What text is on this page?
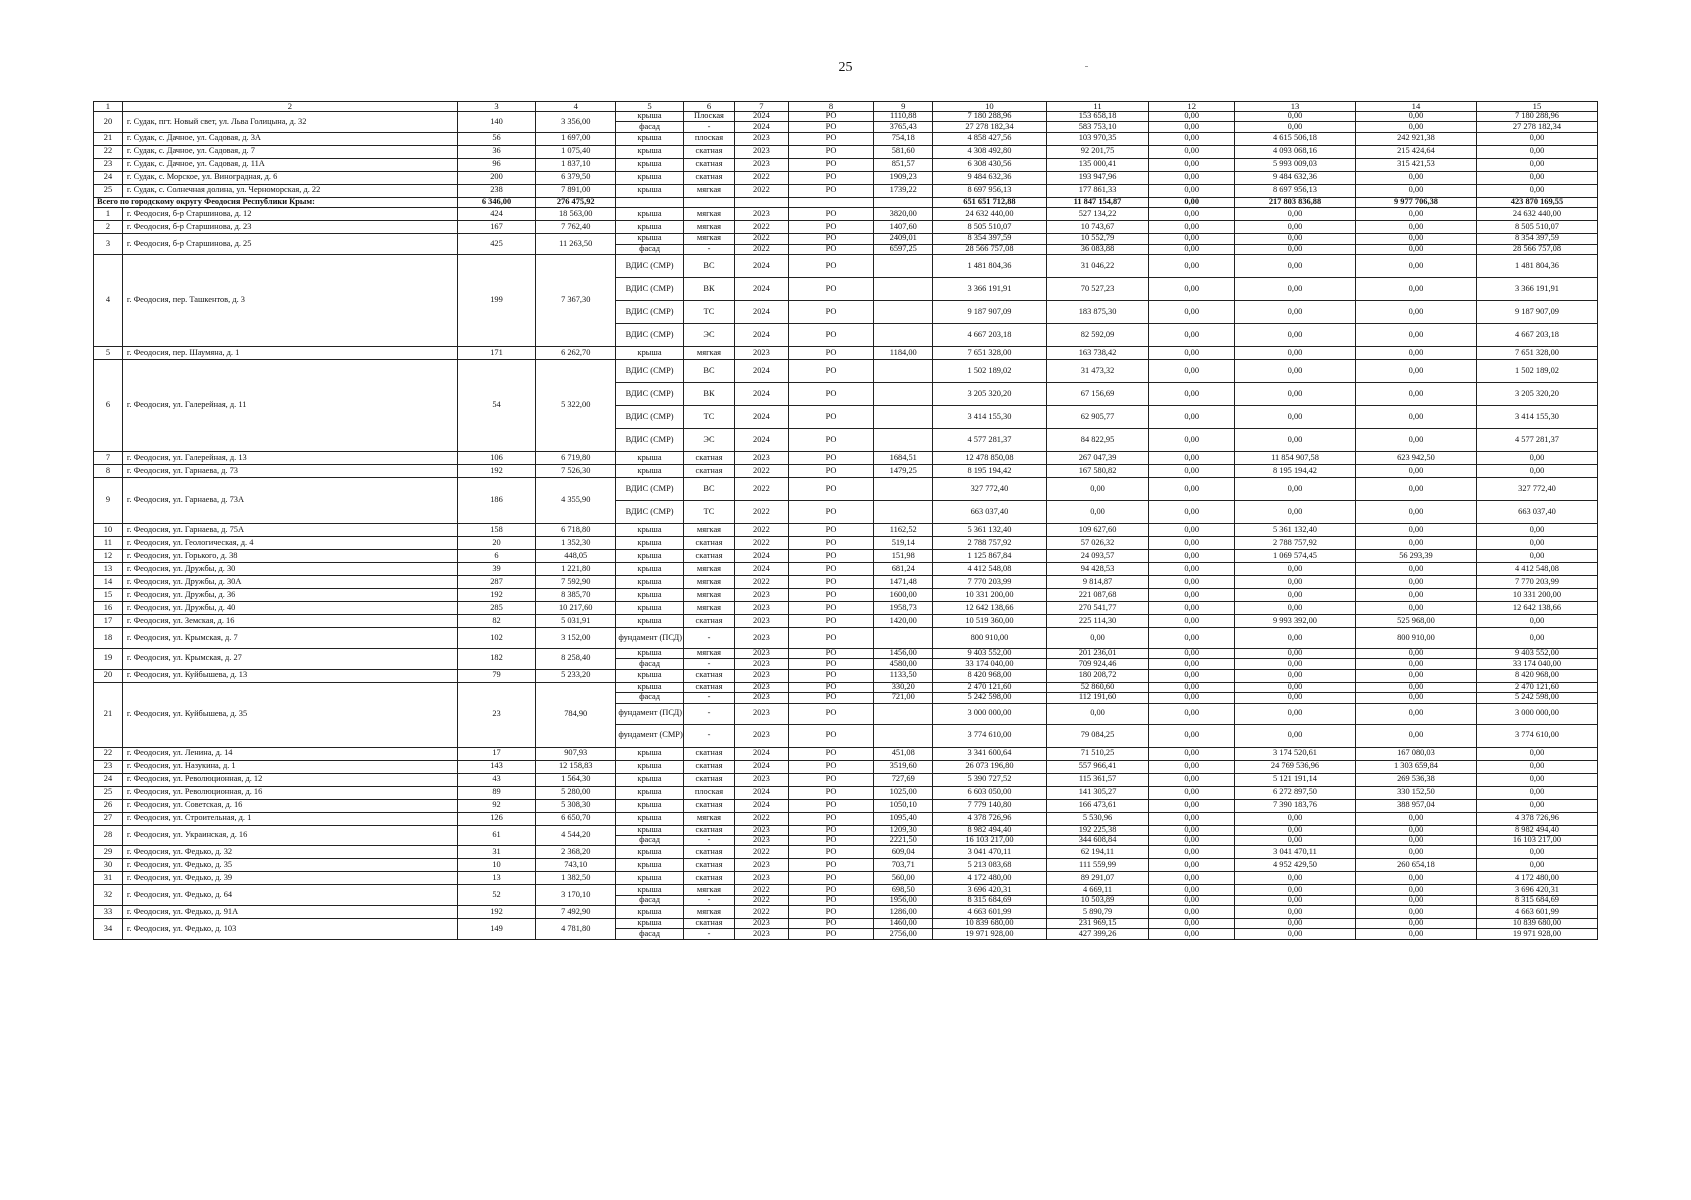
25
1	2	3	4	5	6	7	8	9	10	11	12	13	14	15
20	г. Судак, пгт. Новый свет, ул. Льва Голицына, д. 32	140	3 356,00	крыша	Плоская	2024	РО	1110,88	7 180 288,96	153 658,18	0,00	0,00	0,00	7 180 288,96
				фасад	-	2024	РО	3765,43	27 278 182,34	583 753,10	0,00	0,00	0,00	27 278 182,34
21	г. Судак, с. Дачное, ул. Садовая, д. 3А	56	1 697,00	крыша	плоская	2023	РО	754,18	4 858 427,56	103 970,35	0,00	4 615 506,18	242 921,38	0,00
22	г. Судак, с. Дачное, ул. Садовая, д. 7	36	1 075,40	крыша	скатная	2023	РО	581,60	4 308 492,80	92 201,75	0,00	4 093 068,16	215 424,64	0,00
23	г. Судак, с. Дачное, ул. Садовая, д. 11А	96	1 837,10	крыша	скатная	2023	РО	851,57	6 308 430,56	135 000,41	0,00	5 993 009,03	315 421,53	0,00
24	г. Судак, с. Морское, ул. Виноградная, д. 6	200	6 379,50	крыша	скатная	2022	РО	1909,23	9 484 632,36	193 947,96	0,00	9 484 632,36	0,00	0,00
25	г. Судак, с. Солнечная долина, ул. Черноморская, д. 22	238	7 891,00	крыша	мягкая	2022	РО	1739,22	8 697 956,13	177 861,33	0,00	8 697 956,13	0,00	0,00
Всего по городскому округу Феодосия Республики Крым:		6 346,00	276 475,92						651 651 712,88	11 847 154,87	0,00	217 803 836,88	9 977 706,38	423 870 169,55
1	г. Феодосия, б-р Старшинова, д. 12	424	18 563,00	крыша	мягкая	2023	РО	3820,00	24 632 440,00	527 134,22	0,00	0,00	0,00	24 632 440,00
2	г. Феодосия, б-р Старшинова, д. 23	167	7 762,40	крыша	мягкая	2022	РО	1407,60	8 505 510,07	10 743,67	0,00	0,00	0,00	8 505 510,07
3	г. Феодосия, б-р Старшинова, д. 25	425	11 263,50	крыша	мягкая	2022	РО	2409,01	8 354 397,59	10 552,79	0,00	0,00	0,00	8 354 397,59
				фасад	-	2022	РО	6597,25	28 566 757,08	36 083,88	0,00	0,00	0,00	28 566 757,08
4	г. Феодосия, пер. Ташкентов, д. 3	199	7 367,30	ВДИС (СМР)	ВС	2024	РО		1 481 804,36	31 046,22	0,00	0,00	0,00	1 481 804,36
				ВДИС (СМР)	ВК	2024	РО		3 366 191,91	70 527,23	0,00	0,00	0,00	3 366 191,91
				ВДИС (СМР)	ТС	2024	РО		9 187 907,09	183 875,30	0,00	0,00	0,00	9 187 907,09
				ВДИС (СМР)	ЭС	2024	РО		4 667 203,18	82 592,09	0,00	0,00	0,00	4 667 203,18
5	г. Феодосия, пер. Шаумяна, д. 1	171	6 262,70	крыша	мягкая	2023	РО	1184,00	7 651 328,00	163 738,42	0,00	0,00	0,00	7 651 328,00
6	г. Феодосия, ул. Галерейная, д. 11	54	5 322,00	ВДИС (СМР)	ВС	2024	РО		1 502 189,02	31 473,32	0,00	0,00	0,00	1 502 189,02
				ВДИС (СМР)	ВК	2024	РО		3 205 320,20	67 156,69	0,00	0,00	0,00	3 205 320,20
				ВДИС (СМР)	ТС	2024	РО		3 414 155,30	62 905,77	0,00	0,00	0,00	3 414 155,30
				ВДИС (СМР)	ЭС	2024	РО		4 577 281,37	84 822,95	0,00	0,00	0,00	4 577 281,37
7	г. Феодосия, ул. Галерейная, д. 13	106	6 719,80	крыша	скатная	2023	РО	1684,51	12 478 850,08	267 047,39	0,00	11 854 907,58	623 942,50	0,00
8	г. Феодосия, ул. Гарнаева, д. 73	192	7 526,30	крыша	скатная	2022	РО	1479,25	8 195 194,42	167 580,82	0,00	8 195 194,42	0,00	0,00
9	г. Феодосия, ул. Гарнаева, д. 73А	186	4 355,90	ВДИС (СМР)	ВС	2022	РО		327 772,40	0,00	0,00	0,00	0,00	327 772,40
				ВДИС (СМР)	ТС	2022	РО		663 037,40	0,00	0,00	0,00	0,00	663 037,40
10	г. Феодосия, ул. Гарнаева, д. 75А	158	6 718,80	крыша	мягкая	2022	РО	1162,52	5 361 132,40	109 627,60	0,00	5 361 132,40	0,00	0,00
11	г. Феодосия, ул. Геологическая, д. 4	20	1 352,30	крыша	скатная	2022	РО	519,14	2 788 757,92	57 026,32	0,00	2 788 757,92	0,00	0,00
12	г. Феодосия, ул. Горького, д. 38	6	448,05	крыша	скатная	2024	РО	151,98	1 125 867,84	24 093,57	0,00	1 069 574,45	56 293,39	0,00
13	г. Феодосия, ул. Дружбы, д. 30	39	1 221,80	крыша	мягкая	2024	РО	681,24	4 412 548,08	94 428,53	0,00	0,00	0,00	4 412 548,08
14	г. Феодосия, ул. Дружбы, д. 30А	287	7 592,90	крыша	мягкая	2022	РО	1471,48	7 770 203,99	9 814,87	0,00	0,00	0,00	7 770 203,99
15	г. Феодосия, ул. Дружбы, д. 36	192	8 385,70	крыша	мягкая	2023	РО	1600,00	10 331 200,00	221 087,68	0,00	0,00	0,00	10 331 200,00
16	г. Феодосия, ул. Дружбы, д. 40	285	10 217,60	крыша	мягкая	2023	РО	1958,73	12 642 138,66	270 541,77	0,00	0,00	0,00	12 642 138,66
17	г. Феодосия, ул. Земская, д. 16	82	5 031,91	крыша	скатная	2023	РО	1420,00	10 519 360,00	225 114,30	0,00	9 993 392,00	525 968,00	0,00
18	г. Феодосия, ул. Крымская, д. 7	102	3 152,00	фундамент (ПСД)	-	2023	РО		800 910,00	0,00	0,00	0,00	800 910,00	0,00
19	г. Феодосия, ул. Крымская, д. 27	182	8 258,40	крыша	мягкая	2023	РО	1456,00	9 403 552,00	201 236,01	0,00	0,00	0,00	9 403 552,00
				фасад	-	2023	РО	4580,00	33 174 040,00	709 924,46	0,00	0,00	0,00	33 174 040,00
20	г. Феодосия, ул. Куйбышева, д. 13	79	5 233,20	крыша	скатная	2023	РО	1133,50	8 420 968,00	180 208,72	0,00	0,00	0,00	8 420 968,00
21	г. Феодосия, ул. Куйбышева, д. 35	23	784,90	крыша	скатная	2023	РО	330,20	2 470 121,60	52 860,60	0,00	0,00	0,00	2 470 121,60
				фасад	-	2023	РО	721,00	5 242 598,00	112 191,60	0,00	0,00	0,00	5 242 598,00
				фундамент (ПСД)	-	2023	РО		3 000 000,00	0,00	0,00	0,00	0,00	3 000 000,00
				фундамент (СМР)	-	2023	РО		3 774 610,00	79 084,25	0,00	0,00	0,00	3 774 610,00
22	г. Феодосия, ул. Ленина, д. 14	17	907,93	крыша	скатная	2024	РО	451,08	3 341 600,64	71 510,25	0,00	3 174 520,61	167 080,03	0,00
23	г. Феодосия, ул. Назукина, д. 1	143	12 158,83	крыша	скатная	2024	РО	3519,60	26 073 196,80	557 966,41	0,00	24 769 536,96	1 303 659,84	0,00
24	г. Феодосия, ул. Революционная, д. 12	43	1 564,30	крыша	скатная	2023	РО	727,69	5 390 727,52	115 361,57	0,00	5 121 191,14	269 536,38	0,00
25	г. Феодосия, ул. Революционная, д. 16	89	5 280,00	крыша	плоская	2024	РО	1025,00	6 603 050,00	141 305,27	0,00	6 272 897,50	330 152,50	0,00
26	г. Феодосия, ул. Советская, д. 16	92	5 308,30	крыша	скатная	2024	РО	1050,10	7 779 140,80	166 473,61	0,00	7 390 183,76	388 957,04	0,00
27	г. Феодосия, ул. Строительная, д. 1	126	6 650,70	крыша	мягкая	2022	РО	1095,40	4 378 726,96	5 530,96	0,00	0,00	0,00	4 378 726,96
28	г. Феодосия, ул. Украинская, д. 16	61	4 544,20	крыша	скатная	2023	РО	1209,30	8 982 494,40	192 225,38	0,00	0,00	0,00	8 982 494,40
				фасад	-	2023	РО	2221,50	16 103 217,00	344 608,84	0,00	0,00	0,00	16 103 217,00
29	г. Феодосия, ул. Федько, д. 32	31	2 368,20	крыша	скатная	2022	РО	609,04	3 041 470,11	62 194,11	0,00	3 041 470,11	0,00	0,00
30	г. Феодосия, ул. Федько, д. 35	10	743,10	крыша	скатная	2023	РО	703,71	5 213 083,68	111 559,99	0,00	4 952 429,50	260 654,18	0,00
31	г. Феодосия, ул. Федько, д. 39	13	1 382,50	крыша	скатная	2023	РО	560,00	4 172 480,00	89 291,07	0,00	0,00	0,00	4 172 480,00
32	г. Феодосия, ул. Федько, д. 64	52	3 170,10	крыша	мягкая	2022	РО	698,50	3 696 420,31	4 669,11	0,00	0,00	0,00	3 696 420,31
				фасад	-	2022	РО	1956,00	8 315 684,69	10 503,89	0,00	0,00	0,00	8 315 684,69
33	г. Феодосия, ул. Федько, д. 91А	192	7 492,90	крыша	мягкая	2022	РО	1286,00	4 663 601,99	5 890,79	0,00	0,00	0,00	4 663 601,99
34	г. Феодосия, ул. Федько, д. 103	149	4 781,80	крыша	скатная	2023	РО	1460,00	10 839 680,00	231 969,15	0,00	0,00	0,00	10 839 680,00
				фасад	-	2023	РО	2756,00	19 971 928,00	427 399,26	0,00	0,00	0,00	19 971 928,00
